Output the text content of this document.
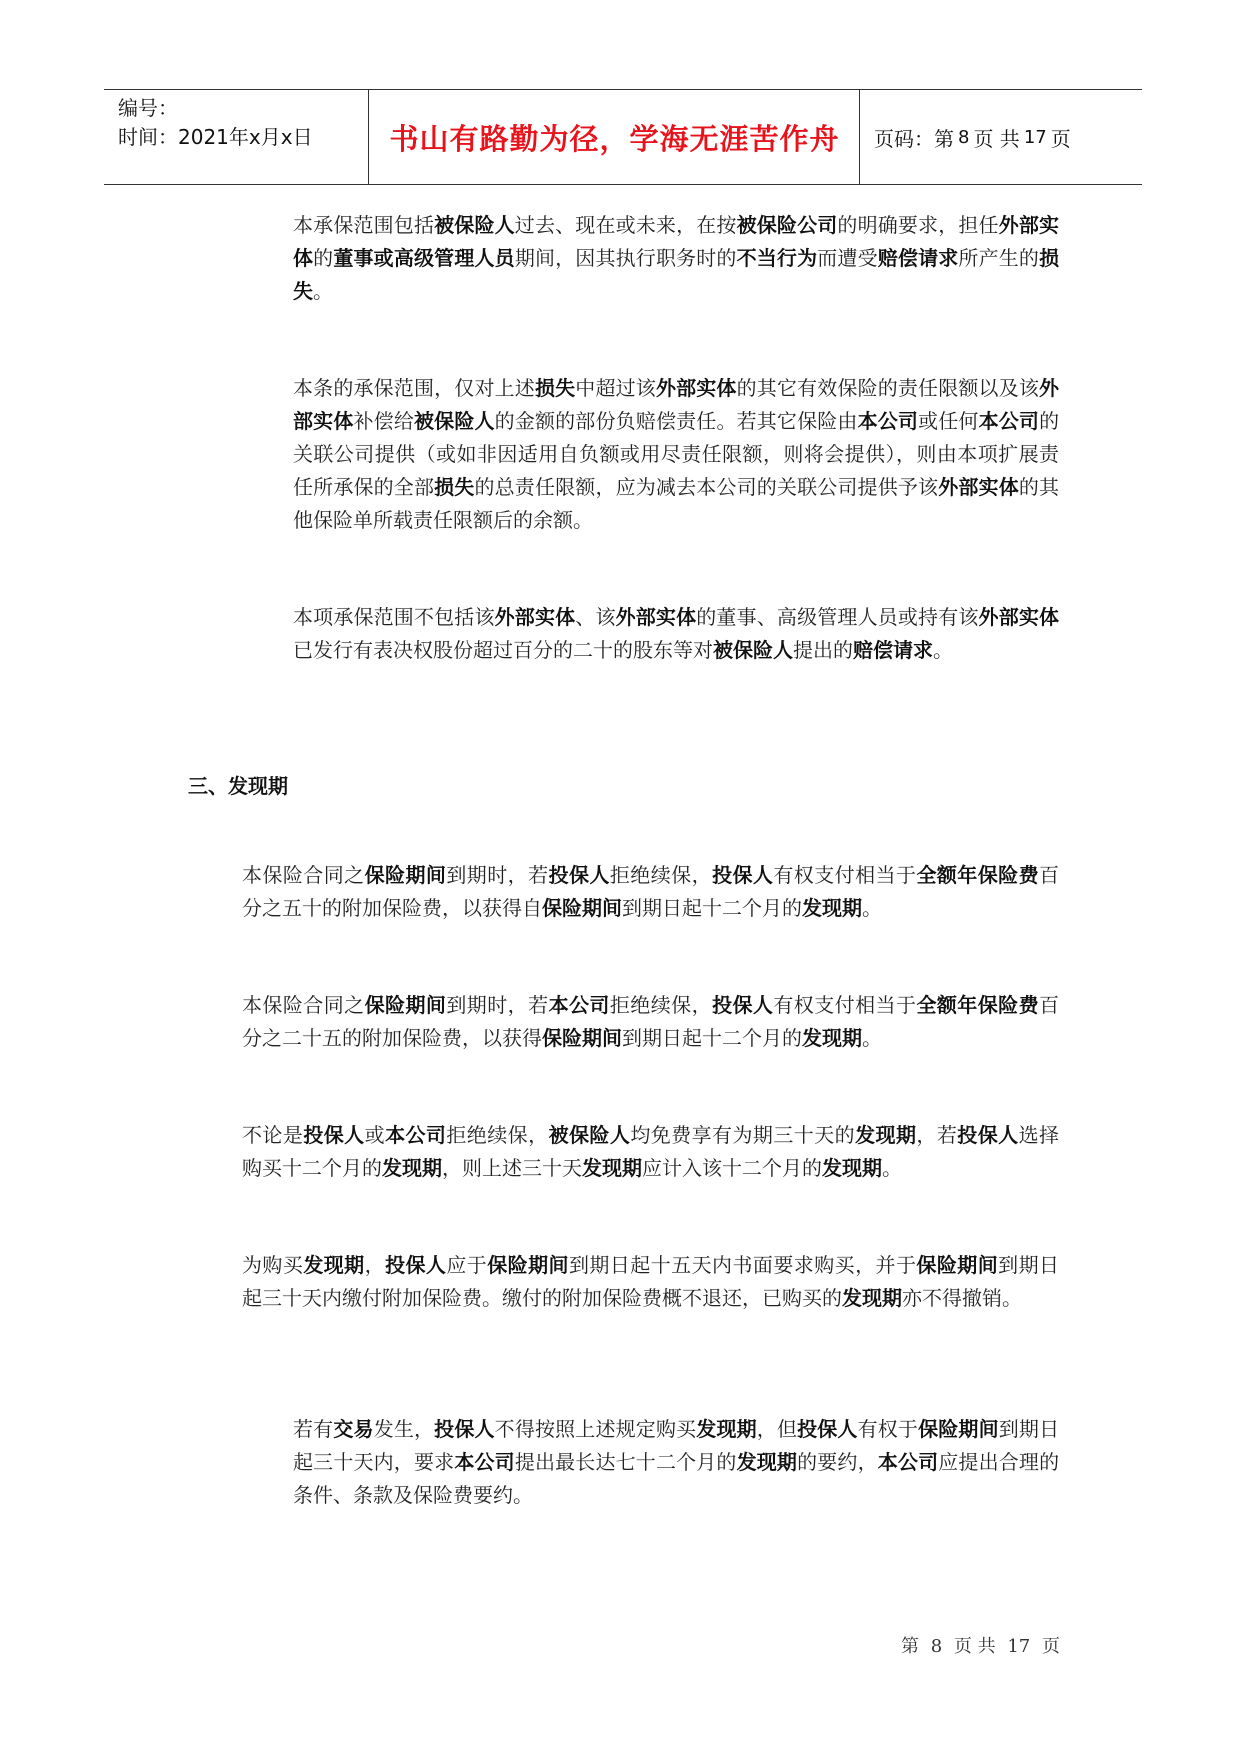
编号：
时间：2021年x月x日	书山有路勤为径，学海无涯苦作舟	页码：第 8 页 共 17 页
本承保范围包括被保险人过去、现在或未来，在按被保险公司的明确要求，担任外部实体的董事或高级管理人员期间，因其执行职务时的不当行为而遭受赔偿请求所产生的损失。
本条的承保范围，仅对上述损失中超过该外部实体的其它有效保险的责任限额以及该外部实体补偿给被保险人的金额的部份负赔偿责任。若其它保险由本公司或任何本公司的关联公司提供（或如非因适用自负额或用尽责任限额，则将会提供），则由本项扩展责任所承保的全部损失的总责任限额，应为减去本公司的关联公司提供予该外部实体的其他保险单所载责任限额后的余额。
本项承保范围不包括该外部实体、该外部实体的董事、高级管理人员或持有该外部实体已发行有表决权股份超过百分的二十的股东等对被保险人提出的赔偿请求。
三、发现期
本保险合同之保险期间到期时，若投保人拒绝续保，投保人有权支付相当于全额年保险费百分之五十的附加保险费，以获得自保险期间到期日起十二个月的发现期。
本保险合同之保险期间到期时，若本公司拒绝续保，投保人有权支付相当于全额年保险费百分之二十五的附加保险费，以获得保险期间到期日起十二个月的发现期。
不论是投保人或本公司拒绝续保，被保险人均免费享有为期三十天的发现期，若投保人选择购买十二个月的发现期，则上述三十天发现期应计入该十二个月的发现期。
为购买发现期，投保人应于保险期间到期日起十五天内书面要求购买，并于保险期间到期日起三十天内缴付附加保险费。缴付的附加保险费概不退还，已购买的发现期亦不得撤销。
若有交易发生，投保人不得按照上述规定购买发现期，但投保人有权于保险期间到期日起三十天内，要求本公司提出最长达七十二个月的发现期的要约，本公司应提出合理的条件、条款及保险费要约。
第 8 页 共 17 页
